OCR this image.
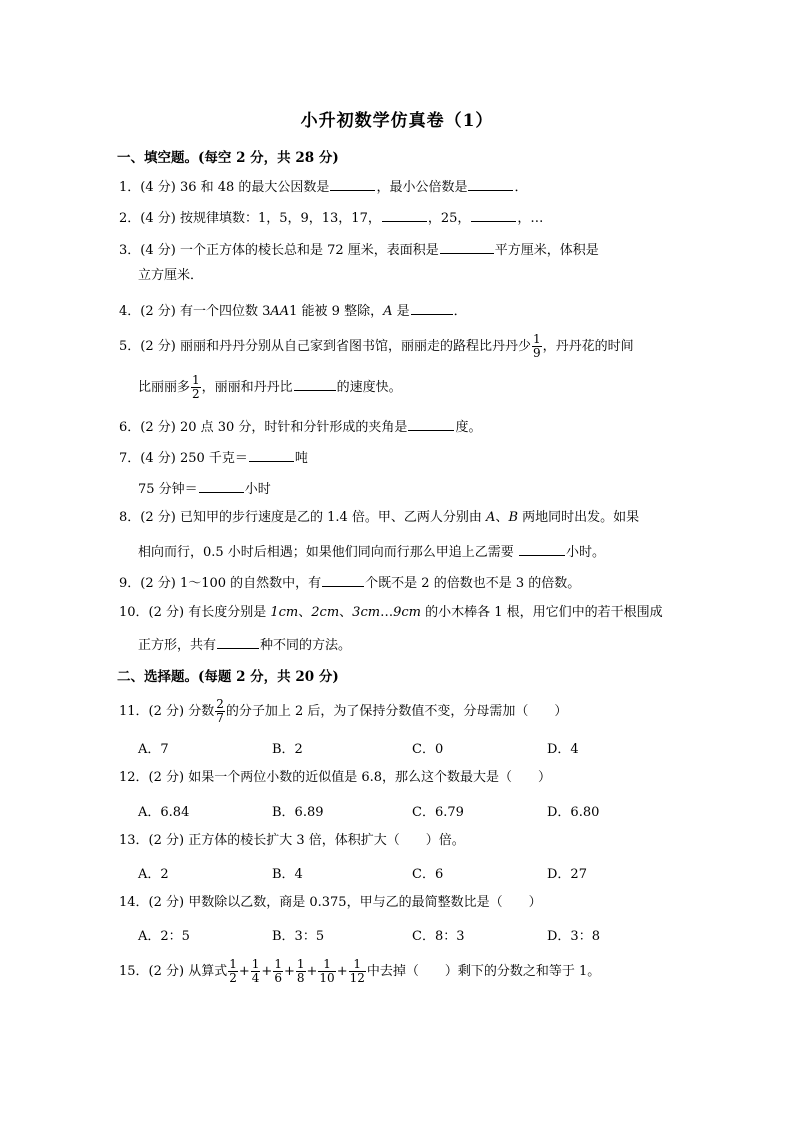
小升初数学仿真卷（1）
一、填空题。(每空 2 分，共 28 分)
1．(4 分) 36 和 48 的最大公因数是	，最小公倍数是	．
2．(4 分) 按规律填数：1，5，9，13，17，	，25，	，…
3．(4 分) 一个正方体的棱长总和是 72 厘米，表面积是	平方厘米，体积是
立方厘米．
4．(2 分) 有一个四位数 3AA1 能被 9 整除，A 是	．
5．(2 分) 丽丽和丹丹分别从自己家到省图书馆，丽丽走的路程比丹丹少 $\frac{1}{9}$ ，丹丹花的时间
比丽丽多 $\frac{1}{2}$ ，丽丽和丹丹比	的速度快。
6．(2 分) 20 点 30 分，时针和分针形成的夹角是	度。
7．(4 分) 250 千克＝	吨
75 分钟＝	小时
8．(2 分) 已知甲的步行速度是乙的 1.4 倍。甲、乙两人分别由 A、B 两地同时出发。如果
相向而行，0.5 小时后相遇；如果他们同向而行那么甲追上乙需要	小时。
9．(2 分) 1～100 的自然数中，有	个既不是 2 的倍数也不是 3 的倍数。
10．(2 分) 有长度分别是 1cm、2cm、3cm…9cm 的小木棒各 1 根，用它们中的若干根围成
正方形，共有	种不同的方法。
二、选择题。(每题 2 分，共 20 分)
11．(2 分) 分数 $\frac{2}{7}$ 的分子加上 2 后，为了保持分数值不变，分母需加（　　）
A．7	B．2	C．0	D．4
12．(2 分) 如果一个两位小数的近似值是 6.8，那么这个数最大是（　　）
A．6.84	B．6.89	C．6.79	D．6.80
13．(2 分) 正方体的棱长扩大 3 倍，体积扩大（　　）倍。
A．2	B．4	C．6	D．27
14．(2 分) 甲数除以乙数，商是 0.375，甲与乙的最简整数比是（　　）
A．2：5	B．3：5	C．8：3	D．3：8
15．(2 分) 从算式 $\frac{1}{2} + \frac{1}{4} + \frac{1}{6} + \frac{1}{8} + \frac{1}{10} + \frac{1}{12}$ 中去掉（　　）剩下的分数之和等于 1。
